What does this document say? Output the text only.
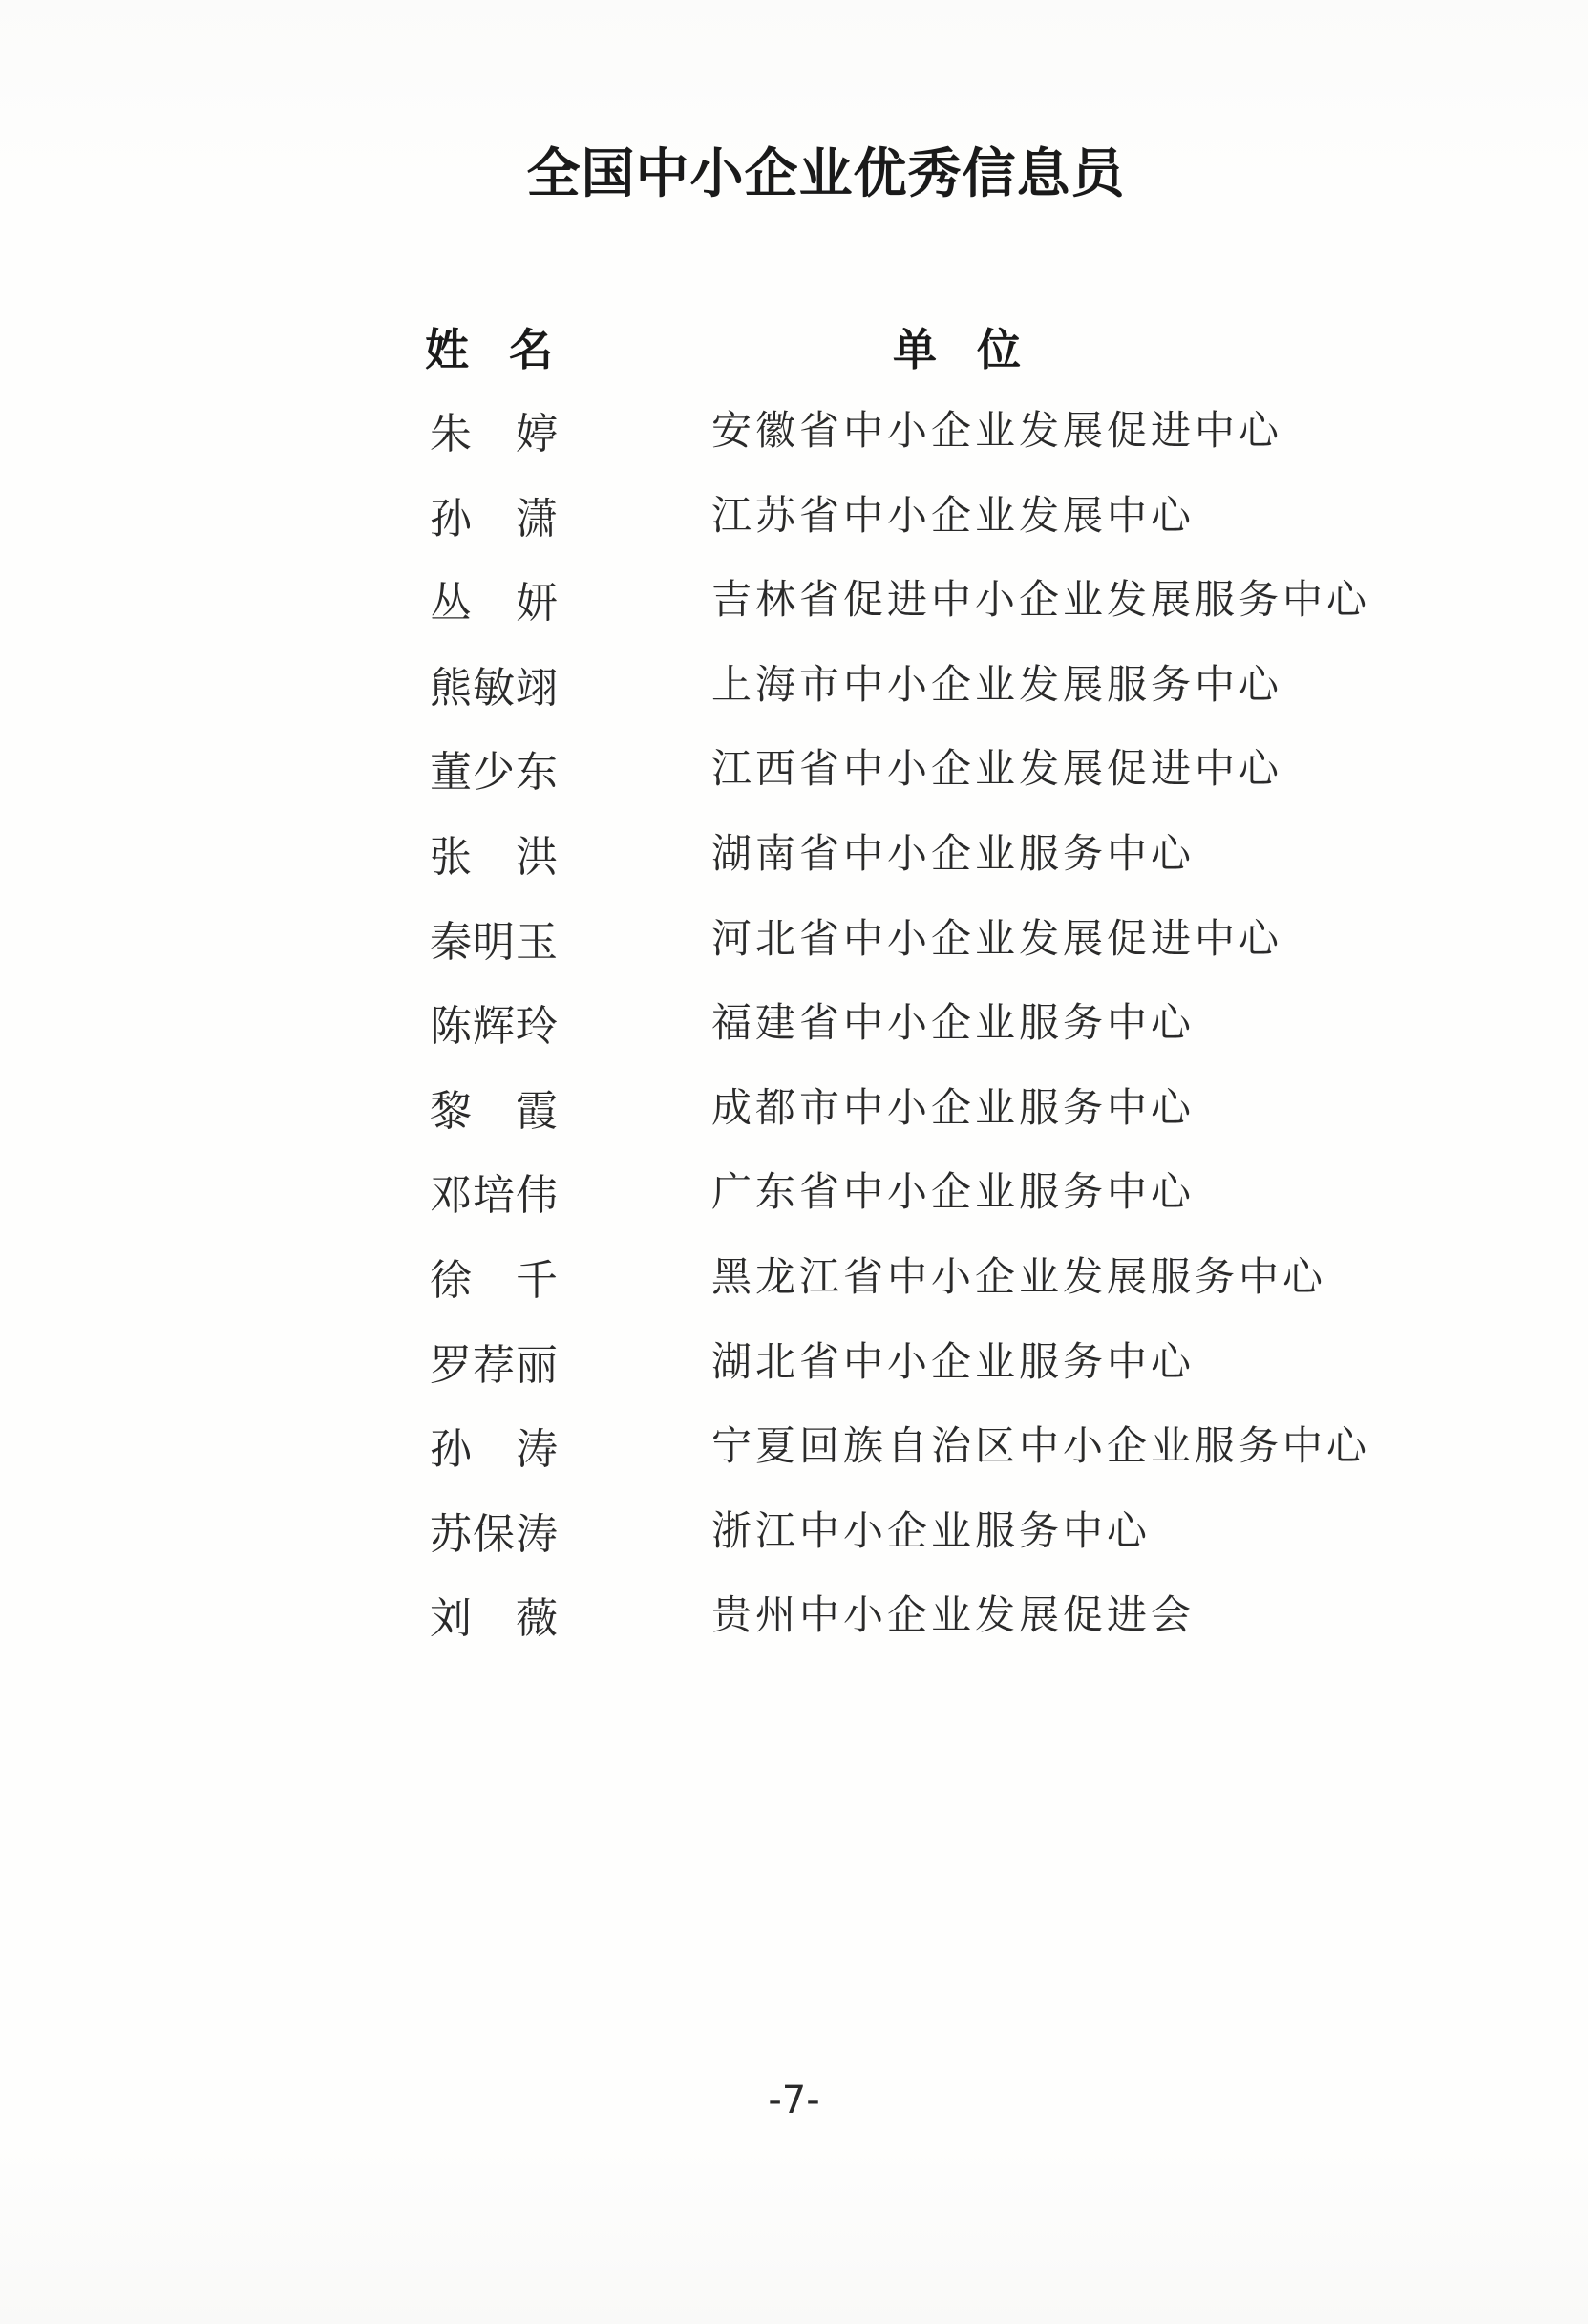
全国中小企业优秀信息员
姓名	单位
朱婷	安徽省中小企业发展促进中心
孙潇	江苏省中小企业发展中心
丛妍	吉林省促进中小企业发展服务中心
熊敏翊	上海市中小企业发展服务中心
董少东	江西省中小企业发展促进中心
张洪	湖南省中小企业服务中心
秦明玉	河北省中小企业发展促进中心
陈辉玲	福建省中小企业服务中心
黎霞	成都市中小企业服务中心
邓培伟	广东省中小企业服务中心
徐千	黑龙江省中小企业发展服务中心
罗荐丽	湖北省中小企业服务中心
孙涛	宁夏回族自治区中小企业服务中心
苏保涛	浙江中小企业服务中心
刘薇	贵州中小企业发展促进会
-7-
